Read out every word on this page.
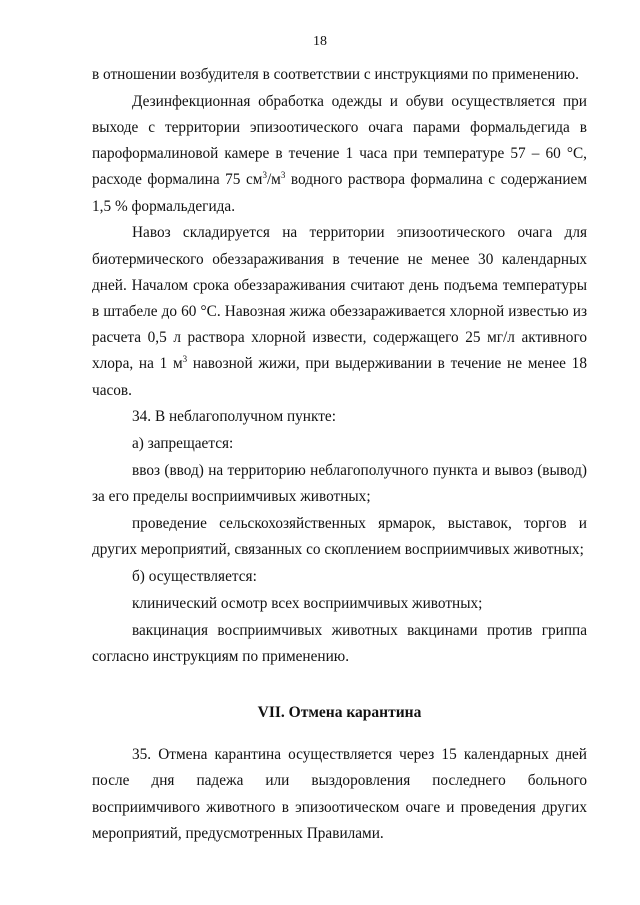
18

в отношении возбудителя в соответствии с инструкциями по применению.

Дезинфекционная обработка одежды и обуви осуществляется при выходе с территории эпизоотического очага парами формальдегида в пароформалиновой камере в течение 1 часа при температуре 57 – 60 °С, расходе формалина 75 $см^3/м^3$ водного раствора формалина с содержанием 1,5 % формальдегида.

Навоз складируется на территории эпизоотического очага для биотермического обеззараживания в течение не менее 30 календарных дней. Началом срока обеззараживания считают день подъема температуры в штабеле до 60 °С. Навозная жижа обеззараживается хлорной известью из расчета 0,5 л раствора хлорной извести, содержащего 25 мг/л активного хлора, на 1 $м^3$ навозной жижи, при выдерживании в течение не менее 18 часов.

34. В неблагополучном пункте:

а) запрещается:

ввоз (ввод) на территорию неблагополучного пункта и вывоз (вывод) за его пределы восприимчивых животных;

проведение сельскохозяйственных ярмарок, выставок, торгов и других мероприятий, связанных со скоплением восприимчивых животных;

б) осуществляется:

клинический осмотр всех восприимчивых животных;

вакцинация восприимчивых животных вакцинами против гриппа согласно инструкциям по применению.

VII. Отмена карантина

35. Отмена карантина осуществляется через 15 календарных дней после дня падежа или выздоровления последнего больного восприимчивого животного в эпизоотическом очаге и проведения других мероприятий, предусмотренных Правилами.
